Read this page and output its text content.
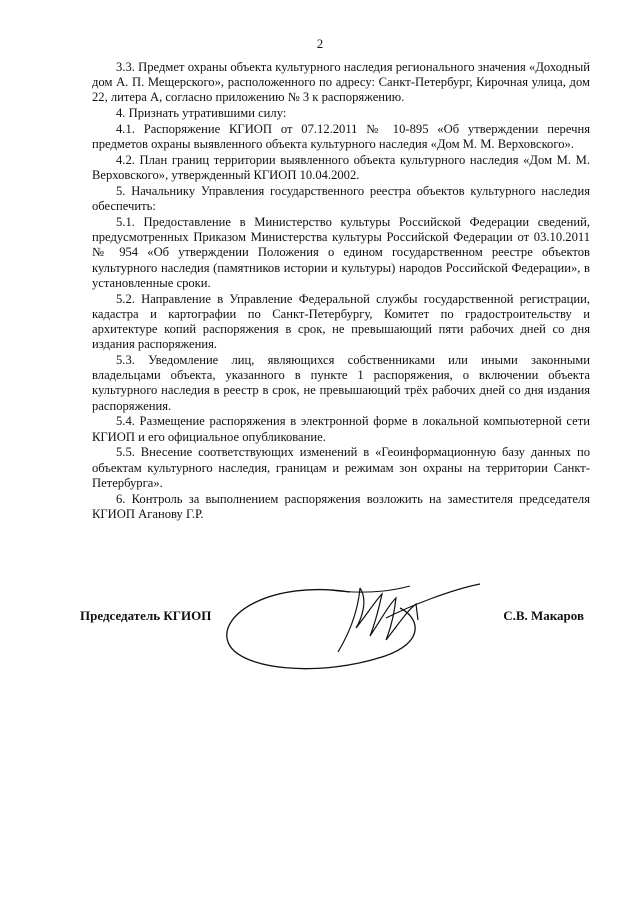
2

3.3. Предмет охраны объекта культурного наследия регионального значения «Доходный дом А. П. Мещерского», расположенного по адресу: Санкт-Петербург, Кирочная улица, дом 22, литера А, согласно приложению № 3 к распоряжению.

4. Признать утратившими силу:

4.1. Распоряжение КГИОП от 07.12.2011 № 10-895 «Об утверждении перечня предметов охраны выявленного объекта культурного наследия «Дом М. М. Верховского».

4.2. План границ территории выявленного объекта культурного наследия «Дом М. М. Верховского», утвержденный КГИОП 10.04.2002.

5. Начальнику Управления государственного реестра объектов культурного наследия обеспечить:

5.1. Предоставление в Министерство культуры Российской Федерации сведений, предусмотренных Приказом Министерства культуры Российской Федерации от 03.10.2011 № 954 «Об утверждении Положения о едином государственном реестре объектов культурного наследия (памятников истории и культуры) народов Российской Федерации», в установленные сроки.

5.2. Направление в Управление Федеральной службы государственной регистрации, кадастра и картографии по Санкт-Петербургу, Комитет по градостроительству и архитектуре копий распоряжения в срок, не превышающий пяти рабочих дней со дня издания распоряжения.

5.3. Уведомление лиц, являющихся собственниками или иными законными владельцами объекта, указанного в пункте 1 распоряжения, о включении объекта культурного наследия в реестр в срок, не превышающий трёх рабочих дней со дня издания распоряжения.

5.4. Размещение распоряжения в электронной форме в локальной компьютерной сети КГИОП и его официальное опубликование.

5.5. Внесение соответствующих изменений в «Геоинформационную базу данных по объектам культурного наследия, границам и режимам зон охраны на территории Санкт-Петербурга».

6. Контроль за выполнением распоряжения возложить на заместителя председателя КГИОП Аганову Г.Р.

Председатель КГИОП	С.В. Макаров
